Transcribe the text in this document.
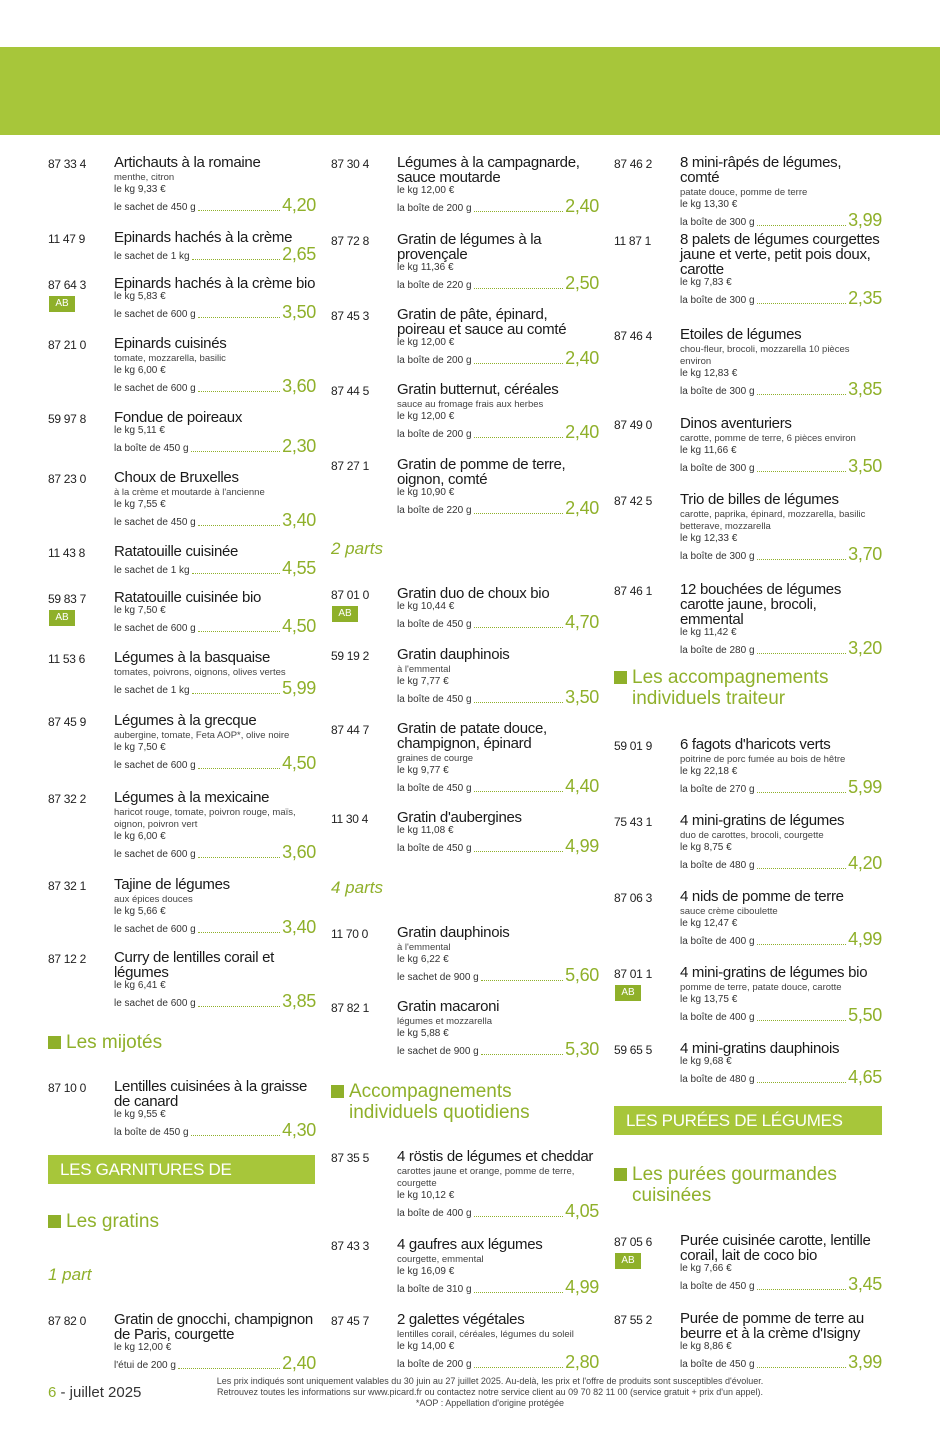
87 33 4 Artichauts à la romaine
menthe, citron
le kg 9,33 €
le sachet de 450 g	4,20
11 47 9 Epinards hachés à la crème
le sachet de 1 kg	2,65
87 64 3
AB
Epinards hachés à la crème bio
le kg 5,83 €
le sachet de 600 g	3,50
87 21 0 Epinards cuisinés
tomate, mozzarella, basilic
le kg 6,00 €
le sachet de 600 g	3,60
59 97 8 Fondue de poireaux
le kg 5,11 €
la boîte de 450 g	2,30
87 23 0 Choux de Bruxelles
à la crème et moutarde à l'ancienne
le kg 7,55 €
le sachet de 450 g	3,40
11 43 8 Ratatouille cuisinée
le sachet de 1 kg	4,55
59 83 7
AB
Ratatouille cuisinée bio
le kg 7,50 €
le sachet de 600 g	4,50
11 53 6 Légumes à la basquaise
tomates, poivrons, oignons, olives vertes
le sachet de 1 kg	5,99
87 45 9 Légumes à la grecque
aubergine, tomate, Feta AOP*, olive noire
le kg 7,50 €
le sachet de 600 g	4,50
87 32 2 Légumes à la mexicaine
haricot rouge, tomate, poivron rouge, maïs, oignon, poivron vert
le kg 6,00 €
le sachet de 600 g	3,60
87 32 1 Tajine de légumes
aux épices douces
le kg 5,66 €
le sachet de 600 g	3,40
87 12 2 Curry de lentilles corail et légumes
le kg 6,41 €
le sachet de 600 g	3,85
87 10 0 Lentilles cuisinées à la graisse de canard
le kg 9,55 €
la boîte de 450 g	4,30
87 82 0 Gratin de gnocchi, champignon de Paris, courgette
le kg 12,00 €
l'étui de 200 g	2,40
Les mijotés
LES GARNITURES DE LÉGUMES
Les gratins
1 part
87 30 4 Légumes à la campagnarde, sauce moutarde
le kg 12,00 €
la boîte de 200 g	2,40
87 72 8 Gratin de légumes à la provençale
le kg 11,36 €
la boîte de 220 g	2,50
87 45 3 Gratin de pâte, épinard, poireau et sauce au comté
le kg 12,00 €
la boîte de 200 g	2,40
87 44 5 Gratin butternut, céréales
sauce au fromage frais aux herbes
le kg 12,00 €
la boîte de 200 g	2,40
87 27 1 Gratin de pomme de terre, oignon, comté
le kg 10,90 €
la boîte de 220 g	2,40
87 01 0
AB
Gratin duo de choux bio
le kg 10,44 €
la boîte de 450 g	4,70
59 19 2 Gratin dauphinois
à l'emmental
le kg 7,77 €
la boîte de 450 g	3,50
87 44 7 Gratin de patate douce, champignon, épinard
graines de courge
le kg 9,77 €
la boîte de 450 g	4,40
11 30 4 Gratin d'aubergines
le kg 11,08 €
la boîte de 450 g	4,99
11 70 0 Gratin dauphinois
à l'emmental
le kg 6,22 €
le sachet de 900 g	5,60
87 82 1 Gratin macaroni
légumes et mozzarella
le kg 5,88 €
le sachet de 900 g	5,30
87 35 5 4 röstis de légumes et cheddar
carottes jaune et orange, pomme de terre, courgette
le kg 10,12 €
la boîte de 400 g	4,05
87 43 3 4 gaufres aux légumes
courgette, emmental
le kg 16,09 €
la boîte de 310 g	4,99
87 45 7 2 galettes végétales
lentilles corail, céréales, légumes du soleil
le kg 14,00 €
la boîte de 200 g	2,80
2 parts
4 parts
Accompagnements individuels quotidiens
87 46 2 8 mini-râpés de légumes, comté
patate douce, pomme de terre
le kg 13,30 €
la boîte de 300 g	3,99
11 87 1 8 palets de légumes courgettes jaune et verte, petit pois doux, carotte
le kg 7,83 €
la boîte de 300 g	2,35
87 46 4 Etoiles de légumes
chou-fleur, brocoli, mozzarella 10 pièces environ
le kg 12,83 €
la boîte de 300 g	3,85
87 49 0 Dinos aventuriers
carotte, pomme de terre, 6 pièces environ
le kg 11,66 €
la boîte de 300 g	3,50
87 42 5 Trio de billes de légumes
carotte, paprika, épinard, mozzarella, basilic betterave, mozzarella
le kg 12,33 €
la boîte de 300 g	3,70
87 46 1 12 bouchées de légumes carotte jaune, brocoli, emmental
le kg 11,42 €
la boîte de 280 g	3,20
59 01 9 6 fagots d'haricots verts
poitrine de porc fumée au bois de hêtre
le kg 22,18 €
la boîte de 270 g	5,99
75 43 1 4 mini-gratins de légumes
duo de carottes, brocoli, courgette
le kg 8,75 €
la boîte de 480 g	4,20
87 06 3 4 nids de pomme de terre
sauce crème ciboulette
le kg 12,47 €
la boîte de 400 g	4,99
87 01 1
AB
4 mini-gratins de légumes bio
pomme de terre, patate douce, carotte
le kg 13,75 €
la boîte de 400 g	5,50
59 65 5 4 mini-gratins dauphinois
le kg 9,68 €
la boîte de 480 g	4,65
87 05 6
AB
Purée cuisinée carotte, lentille corail, lait de coco bio
le kg 7,66 €
la boîte de 450 g	3,45
87 55 2 Purée de pomme de terre au beurre et à la crème d'Isigny
le kg 8,86 €
la boîte de 450 g	3,99
Les accompagnements individuels traiteur
LES PURÉES DE LÉGUMES
Les purées gourmandes cuisinées
6 - juillet 2025
Les prix indiqués sont uniquement valables du 30 juin au 27 juillet 2025. Au-delà, les prix et l'offre de produits sont susceptibles d'évoluer.
Retrouvez toutes les informations sur www.picard.fr ou contactez notre service client au 09 70 82 11 00 (service gratuit + prix d'un appel).
*AOP : Appellation d'origine protégée
